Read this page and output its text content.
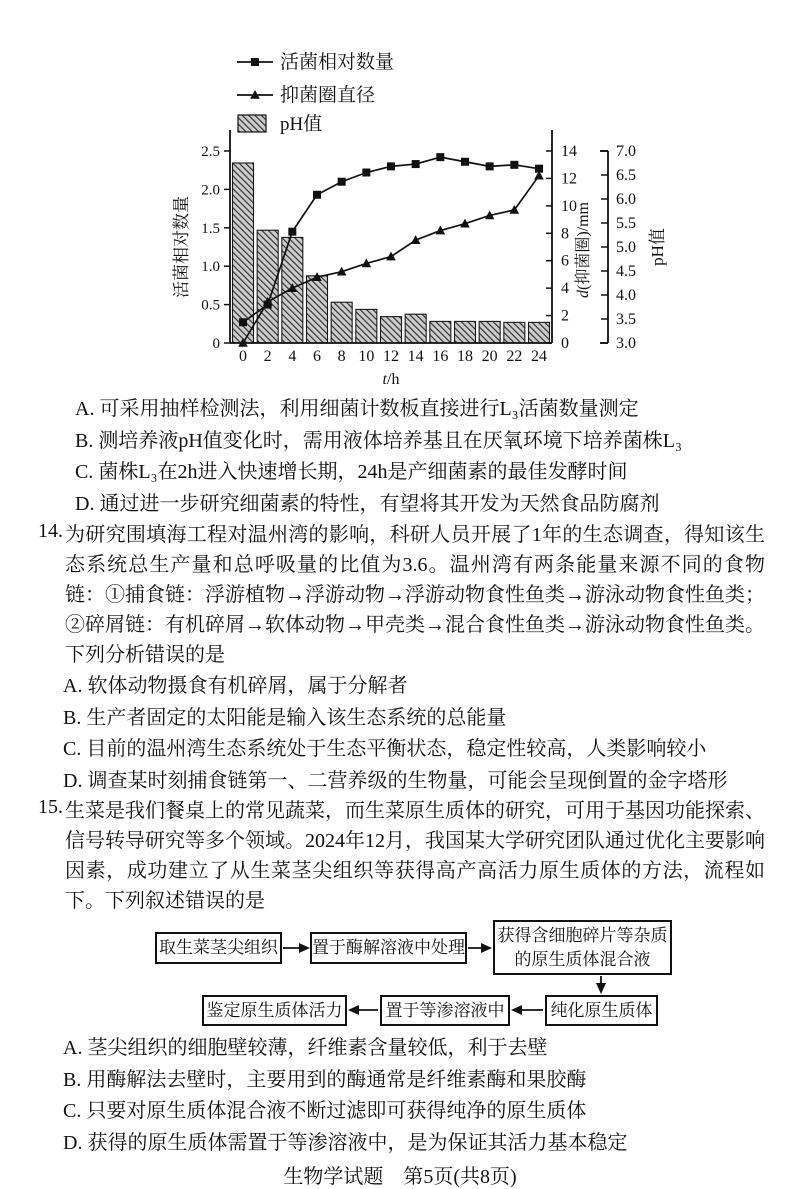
0
0.5
1.0
1.5
2.0
2.5
0
2
4
6
8
10
12
14
3.0
3.5
4.0
4.5
5.0
5.5
6.0
6.5
7.0
0 2 4 6 8 10 12 14 16 18 20 22 24
t/h
活菌相对数量	d(抑菌圈)/mm	pH值
活菌相对数量
抑菌圈直径
pH值
A. 可采用抽样检测法，利用细菌计数板直接进行L₃活菌数量测定
B. 测培养液pH值变化时，需用液体培养基且在厌氧环境下培养菌株L₃
C. 菌株L₃在2h进入快速增长期，24h是产细菌素的最佳发酵时间
D. 通过进一步研究细菌素的特性，有望将其开发为天然食品防腐剂
14. 为研究围填海工程对温州湾的影响，科研人员开展了1年的生态调查，得知该生态系统总生产量和总呼吸量的比值为3.6。温州湾有两条能量来源不同的食物链：①捕食链：浮游植物→浮游动物→浮游动物食性鱼类→游泳动物食性鱼类；②碎屑链：有机碎屑→软体动物→甲壳类→混合食性鱼类→游泳动物食性鱼类。下列分析错误的是
A. 软体动物摄食有机碎屑，属于分解者
B. 生产者固定的太阳能是输入该生态系统的总能量
C. 目前的温州湾生态系统处于生态平衡状态，稳定性较高，人类影响较小
D. 调查某时刻捕食链第一、二营养级的生物量，可能会呈现倒置的金字塔形
15. 生菜是我们餐桌上的常见蔬菜，而生菜原生质体的研究，可用于基因功能探索、信号转导研究等多个领域。2024年12月，我国某大学研究团队通过优化主要影响因素，成功建立了从生菜茎尖组织等获得高产高活力原生质体的方法，流程如下。下列叙述错误的是
取生菜茎尖组织 置于酶解溶液中处理
获得含细胞碎片等杂质的原生质体混合液
纯化原生质体
置于等渗溶液中
鉴定原生质体活力
A. 茎尖组织的细胞壁较薄，纤维素含量较低，利于去壁
B. 用酶解法去壁时，主要用到的酶通常是纤维素酶和果胶酶
C. 只要对原生质体混合液不断过滤即可获得纯净的原生质体
D. 获得的原生质体需置于等渗溶液中，是为保证其活力基本稳定
生物学试题　第5页(共8页)
